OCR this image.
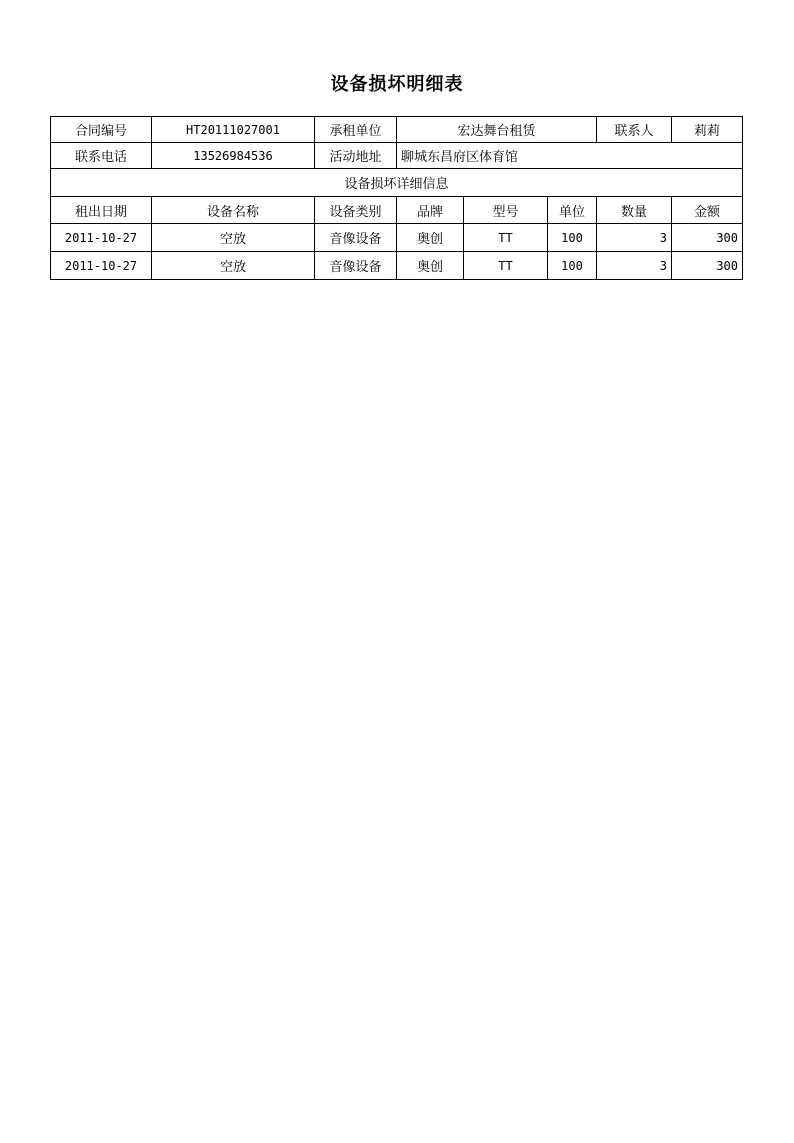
设备损坏明细表
合同编号	HT20111027001	承租单位	宏达舞台租赁			联系人	莉莉
联系电话	13526984536	活动地址	聊城东昌府区体育馆				
设备损坏详细信息							
租出日期	设备名称	设备类别	品牌	型号	单位	数量	金额
2011-10-27	空放	音像设备	奥创	TT	100	3	300
2011-10-27	空放	音像设备	奥创	TT	100	3	300
